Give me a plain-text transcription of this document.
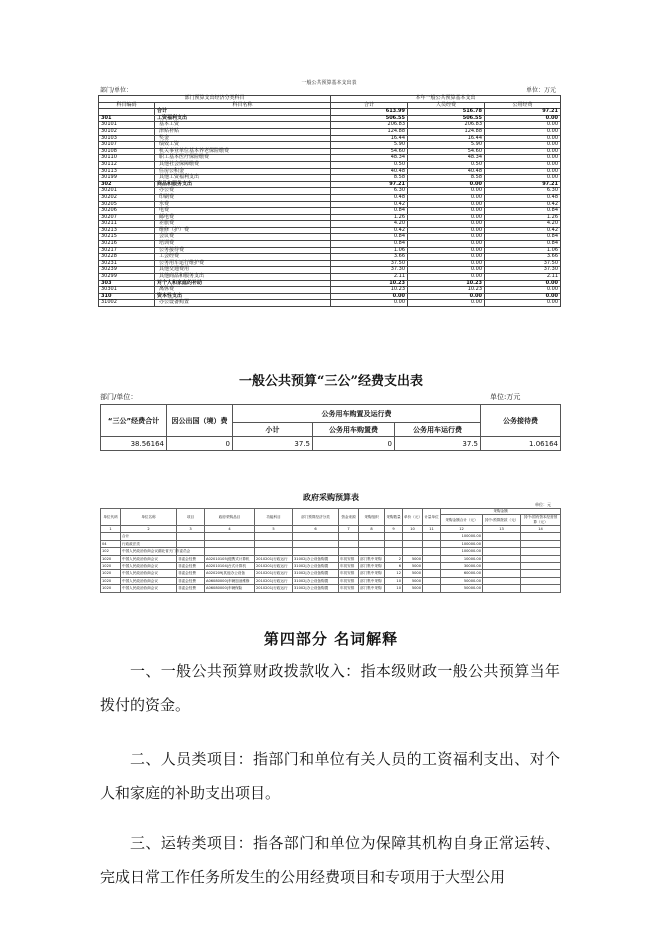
一般公共预算基本支出表
部门/单位：	单位：万元
部门预算支出经济分类科目		本年一般公共预算基本支出		
科目编码	科目名称	合计	人员经费	公用经费
	合计	613.99	516.78	97.21
301	工资福利支出	506.55	506.55	0.00
30101	基本工资	206.83	206.83	0.00
30102	津贴补贴	124.88	124.88	0.00
30103	奖金	16.44	16.44	0.00
30107	绩效工资	5.90	5.90	0.00
30108	机关事业单位基本养老保险缴费	54.60	54.60	0.00
30110	职工基本医疗保险缴费	48.34	48.34	0.00
30112	其他社会保障缴费	0.50	0.50	0.00
30113	住房公积金	40.48	40.48	0.00
30199	其他工资福利支出	8.58	8.58	0.00
302	商品和服务支出	97.21	0.00	97.21
30201	办公费	6.30	0.00	6.30
30202	印刷费	0.48	0.00	0.48
30205	水费	0.42	0.00	0.42
30206	电费	0.84	0.00	0.84
30207	邮电费	1.26	0.00	1.26
30211	差旅费	4.20	0.00	4.20
30213	维修（护）费	0.42	0.00	0.42
30215	会议费	0.84	0.00	0.84
30216	培训费	0.84	0.00	0.84
30217	公务接待费	1.06	0.00	1.06
30228	工会经费	3.66	0.00	3.66
30231	公务用车运行维护费	37.50	0.00	37.50
30239	其他交通费用	37.30	0.00	37.30
30299	其他商品和服务支出	2.11	0.00	2.11
303	对个人和家庭的补助	10.23	10.23	0.00
30301	离休费	10.23	10.23	0.00
310	资本性支出	0.00	0.00	0.00
31002	办公设备购置	0.00	0.00	0.00
一般公共预算“三公”经费支出表
部门/单位：	单位:万元
“三公”经费合计	因公出国（境）费	公务用车购置及运行费			公务接待费
		小计	公务用车购置费	公务用车运行费	
38.56164	0	37.5	0	37.5	1.06164
政府采购预算表
单位：元
单位代码	单位名称	项目	政府采购品目	功能科目	部门预算经济分类	资金来源	采购组织	采购数量	单价（元）	计量单位	采购金额		
											采购金额合计（元）	其中:预算拨款（元）	其中:国有资本经营预算（元）
1	2	3	4	5	6	7	8	9	10	11	12	13	14
	合计										100000.00		
04	行政政法类										100000.00		
102	中国人民政治协商会议湖北省天门市委员会										100000.00		
1020	中国人民政治协商会议	非委会经费	A02010105|便携式计算机	2010201|行政运行	31002|办公设备购置	年初安排	部门集中采购	2	5000		10000.00		
1020	中国人民政治协商会议	非委会经费	A02010104|台式计算机	2010201|行政运行	31002|办公设备购置	年初安排	部门集中采购	6	5000		30000.00		
1020	中国人民政治协商会议	非委会经费	A020209|其他办公设备	2010201|行政运行	31002|办公设备购置	年初安排	部门集中采购	12	5000		60000.00		
1020	中国人民政治协商会议	非委会经费	A06080000|车辆加油维修	2010201|行政运行	31002|办公设备购置	年初安排	部门集中采购	10	5000		50000.00		
1020	中国人民政治协商会议	非委会经费	A06080000|车辆保险	2010201|行政运行	31002|办公设备购置	年初安排	部门集中采购	10	5000		50000.00		
第四部分 名词解释
一、一般公共预算财政拨款收入：指本级财政一般公共预算当年拨付的资金。
二、人员类项目：指部门和单位有关人员的工资福利支出、对个人和家庭的补助支出项目。
三、运转类项目：指各部门和单位为保障其机构自身正常运转、完成日常工作任务所发生的公用经费项目和专项用于大型公用
